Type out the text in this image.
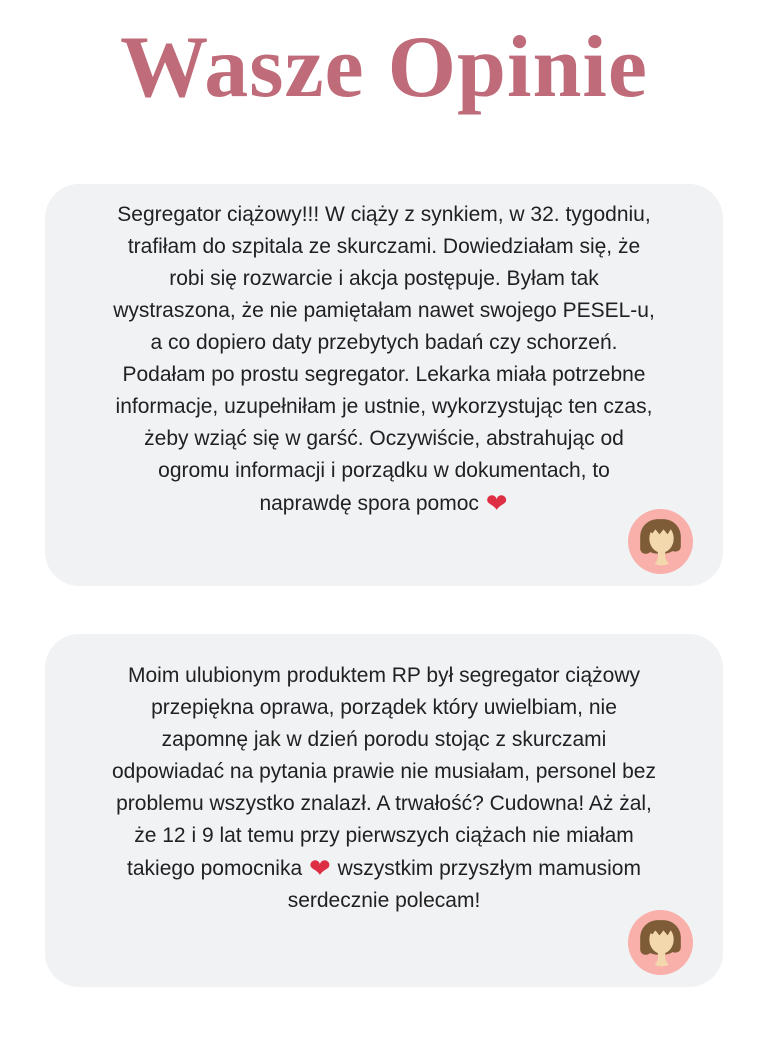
Wasze Opinie
Segregator ciążowy!!! W ciąży z synkiem, w 32. tygodniu,
trafiłam do szpitala ze skurczami. Dowiedziałam się, że
robi się rozwarcie i akcja postępuje. Byłam tak
wystraszona, że nie pamiętałam nawet swojego PESEL-u,
a co dopiero daty przebytych badań czy schorzeń.
Podałam po prostu segregator. Lekarka miała potrzebne
informacje, uzupełniłam je ustnie, wykorzystując ten czas,
żeby wziąć się w garść. Oczywiście, abstrahując od
ogromu informacji i porządku w dokumentach, to
naprawdę spora pomoc ❤
Moim ulubionym produktem RP był segregator ciążowy
przepiękna oprawa, porządek który uwielbiam, nie
zapomnę jak w dzień porodu stojąc z skurczami
odpowiadać na pytania prawie nie musiałam, personel bez
problemu wszystko znalazł. A trwałość? Cudowna! Aż żal,
że 12 i 9 lat temu przy pierwszych ciążach nie miałam
takiego pomocnika ❤ wszystkim przyszłym mamusiom
serdecznie polecam!
